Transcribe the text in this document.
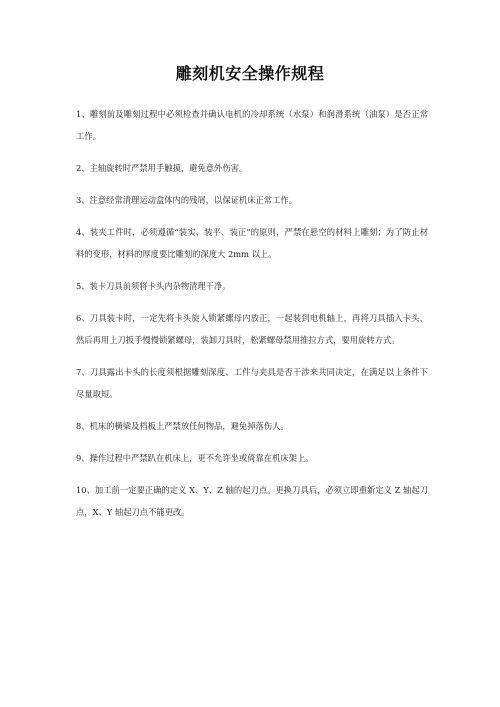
雕刻机安全操作规程
1、雕刻前及雕刻过程中必须检查并确认电机的冷却系统（水泵）和润滑系统（油泵）是否正常工作。
2、主轴旋转时严禁用手触摸，避免意外伤害。
3、注意经常清理运动盒体内的残屑，以保证机床正常工作。
4、装夹工件时，必须遵循“装实、装平、装正”的原则，严禁在悬空的材料上雕刻；为了防止材料的变形，材料的厚度要比雕刻的深度大 2mm 以上。
5、装卡刀具前须将卡头内杂物清理干净。
6、刀具装卡时，一定先将卡头旋入锁紧螺母内放正，一起装到电机轴上，再将刀具插入卡头，然后再用上刀扳手慢慢锁紧螺母，装卸刀具时，松紧螺母禁用推拉方式，要用旋转方式。
7、刀具露出卡头的长度须根据雕刻深度、工件与夹具是否干涉来共同决定，在满足以上条件下尽量取短。
8、机床的横梁及档板上严禁放任何物品，避免掉落伤人。
9、操作过程中严禁趴在机床上，更不允许坐或倚靠在机床架上。
10、加工前一定要正确的定义 X、Y、Z 轴的起刀点。更换刀具后，必须立即重新定义 Z 轴起刀点，X、Y 轴起刀点不能更改。
